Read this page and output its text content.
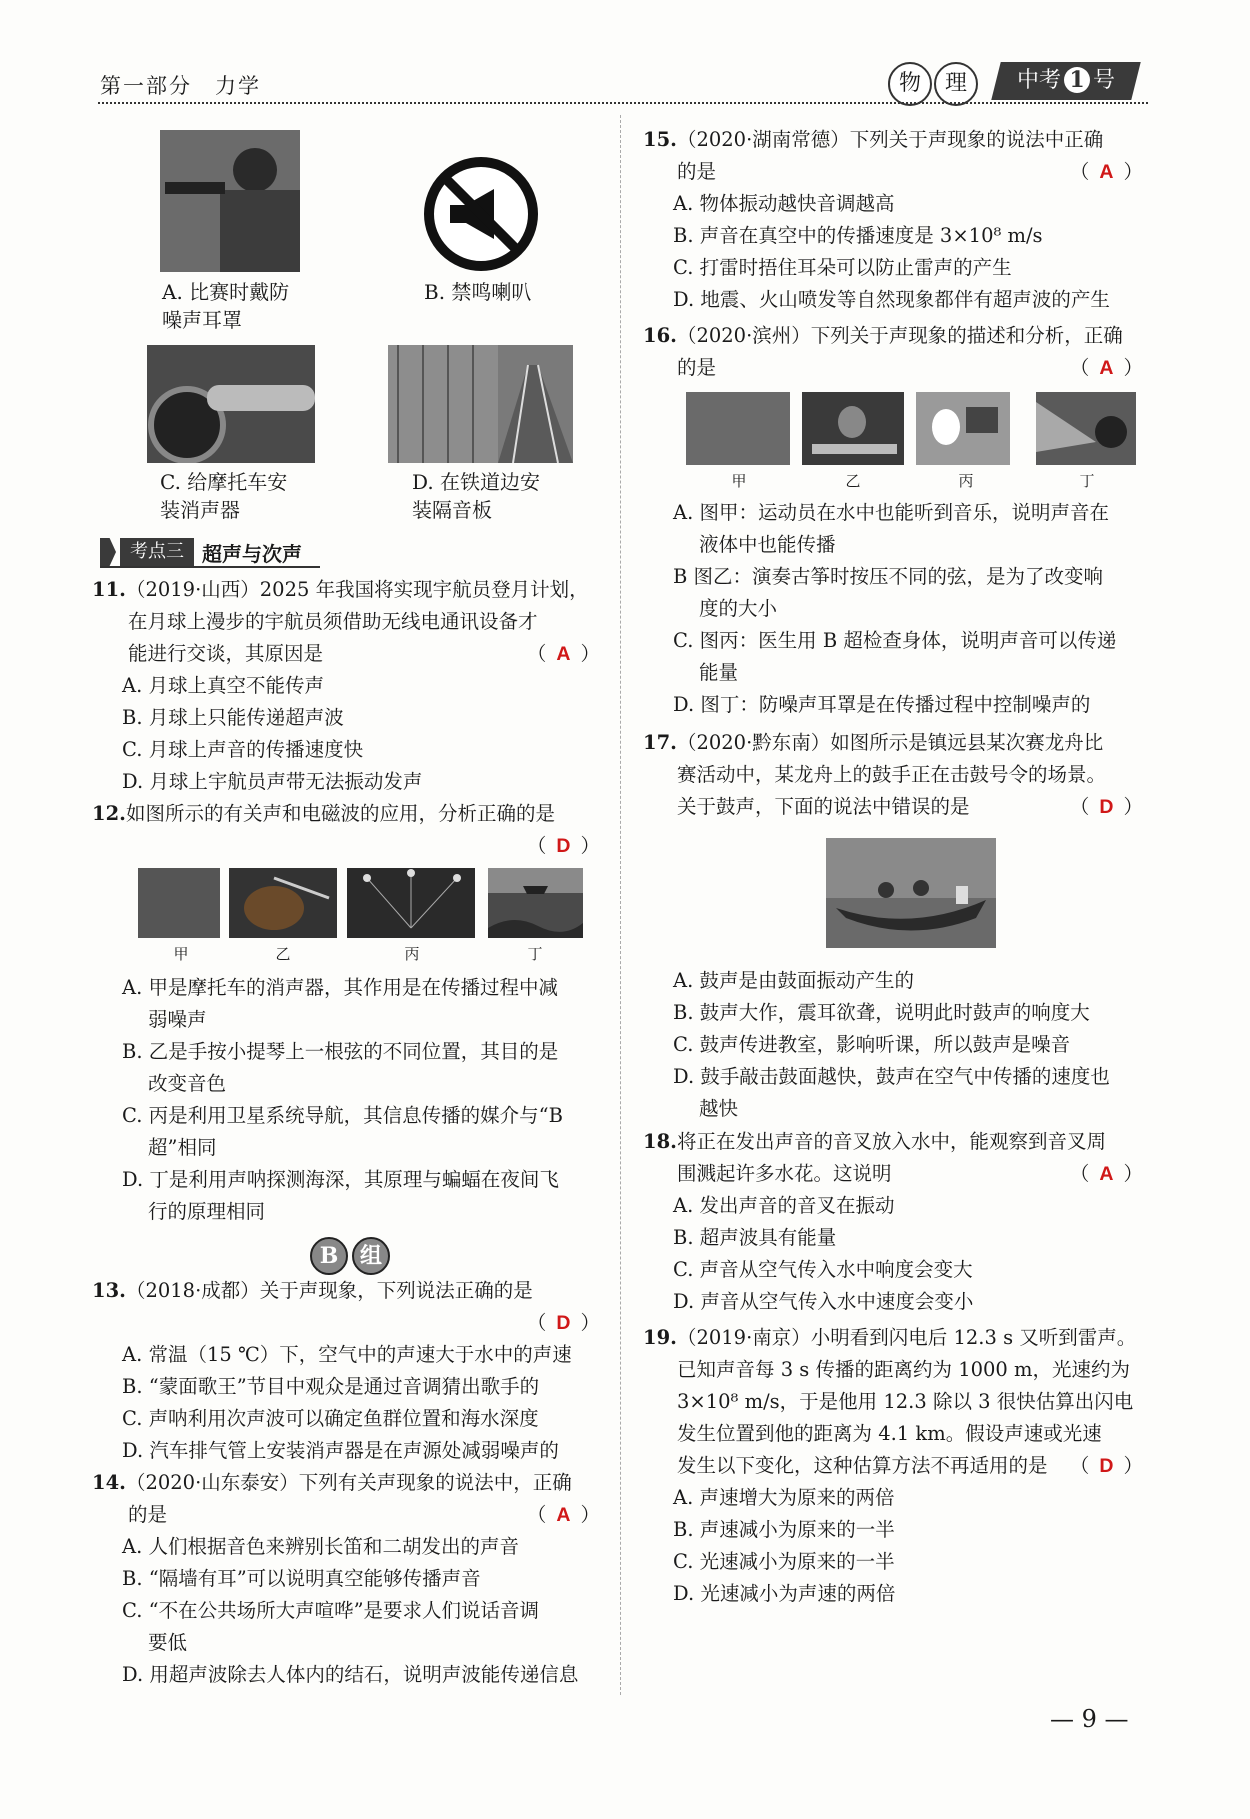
第一部分　力学	物	理	中考 1 号
A. 比赛时戴防
噪声耳罩
B. 禁鸣喇叭
C. 给摩托车安
装消声器
D. 在铁道边安
装隔音板
考点三 超声与次声
11.（2019·山西）2025 年我国将实现宇航员登月计划，
在月球上漫步的宇航员须借助无线电通讯设备才
能进行交谈，其原因是	（ A ）
A. 月球上真空不能传声
B. 月球上只能传递超声波
C. 月球上声音的传播速度快
D. 月球上宇航员声带无法振动发声
12.如图所示的有关声和电磁波的应用，分析正确的是
（ D ）
甲	乙	丙	丁
A. 甲是摩托车的消声器，其作用是在传播过程中减
弱噪声
B. 乙是手按小提琴上一根弦的不同位置，其目的是
改变音色
C. 丙是利用卫星系统导航，其信息传播的媒介与“B
超”相同
D. 丁是利用声呐探测海深，其原理与蝙蝠在夜间飞
行的原理相同
B 组
13.（2018·成都）关于声现象，下列说法正确的是
（ D ）
A. 常温（15 ℃）下，空气中的声速大于水中的声速
B. “蒙面歌王”节目中观众是通过音调猜出歌手的
C. 声呐利用次声波可以确定鱼群位置和海水深度
D. 汽车排气管上安装消声器是在声源处减弱噪声的
14.（2020·山东泰安）下列有关声现象的说法中，正确
的是	（ A ）
A. 人们根据音色来辨别长笛和二胡发出的声音
B. “隔墙有耳”可以说明真空能够传播声音
C. “不在公共场所大声喧哗”是要求人们说话音调
要低
D. 用超声波除去人体内的结石，说明声波能传递信息
15.（2020·湖南常德）下列关于声现象的说法中正确
的是	（ A ）
A. 物体振动越快音调越高
B. 声音在真空中的传播速度是 3×10⁸ m/s
C. 打雷时捂住耳朵可以防止雷声的产生
D. 地震、火山喷发等自然现象都伴有超声波的产生
16.（2020·滨州）下列关于声现象的描述和分析，正确
的是	（ A ）
甲	乙	丙	丁
A. 图甲：运动员在水中也能听到音乐，说明声音在
液体中也能传播
B 图乙：演奏古筝时按压不同的弦，是为了改变响
度的大小
C. 图丙：医生用 B 超检查身体，说明声音可以传递
能量
D. 图丁：防噪声耳罩是在传播过程中控制噪声的
17.（2020·黔东南）如图所示是镇远县某次赛龙舟比
赛活动中，某龙舟上的鼓手正在击鼓号令的场景。
关于鼓声，下面的说法中错误的是	（ D ）
A. 鼓声是由鼓面振动产生的
B. 鼓声大作，震耳欲聋，说明此时鼓声的响度大
C. 鼓声传进教室，影响听课，所以鼓声是噪音
D. 鼓手敲击鼓面越快，鼓声在空气中传播的速度也
越快
18.将正在发出声音的音叉放入水中，能观察到音叉周
围溅起许多水花。这说明	（ A ）
A. 发出声音的音叉在振动
B. 超声波具有能量
C. 声音从空气传入水中响度会变大
D. 声音从空气传入水中速度会变小
19.（2019·南京）小明看到闪电后 12.3 s 又听到雷声。
已知声音每 3 s 传播的距离约为 1000 m，光速约为
3×10⁸ m/s，于是他用 12.3 除以 3 很快估算出闪电
发生位置到他的距离为 4.1 km。假设声速或光速
发生以下变化，这种估算方法不再适用的是 （ D ）
A. 声速增大为原来的两倍
B. 声速减小为原来的一半
C. 光速减小为原来的一半
D. 光速减小为声速的两倍
— 9 —
